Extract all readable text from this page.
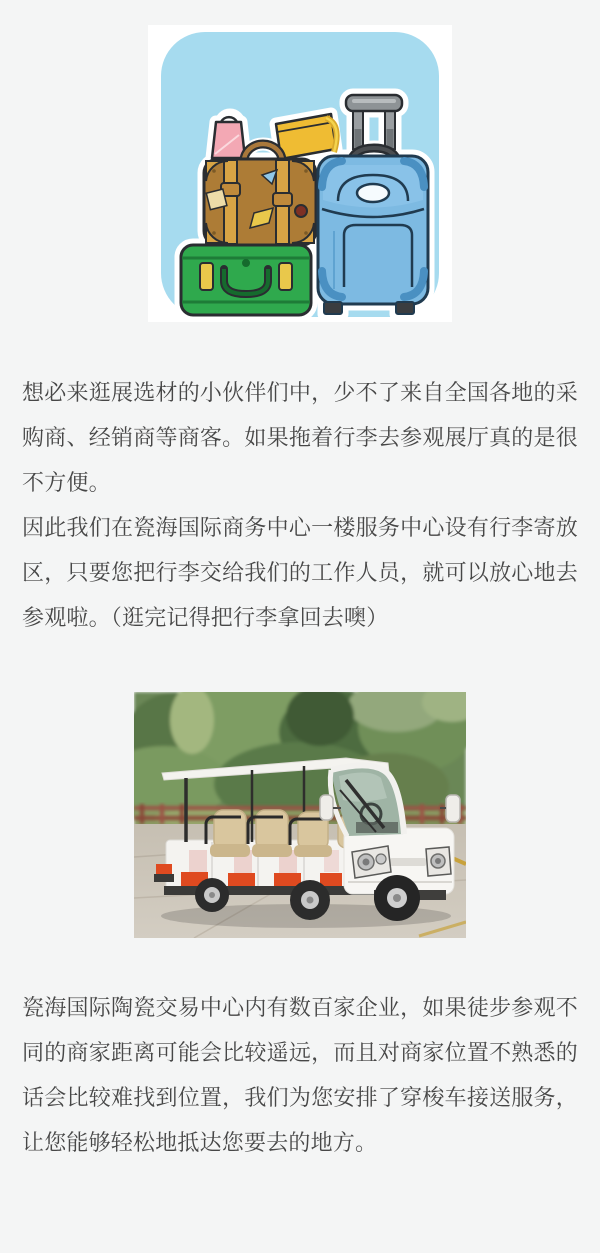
想必来逛展选材的小伙伴们中，少不了来自全国各地的采购商、经销商等商客。如果拖着行李去参观展厅真的是很不方便。

因此我们在瓷海国际商务中心一楼服务中心设有行李寄放区，只要您把行李交给我们的工作人员，就可以放心地去参观啦。（逛完记得把行李拿回去噢）

瓷海国际陶瓷交易中心内有数百家企业，如果徒步参观不同的商家距离可能会比较遥远，而且对商家位置不熟悉的话会比较难找到位置，我们为您安排了穿梭车接送服务，让您能够轻松地抵达您要去的地方。
